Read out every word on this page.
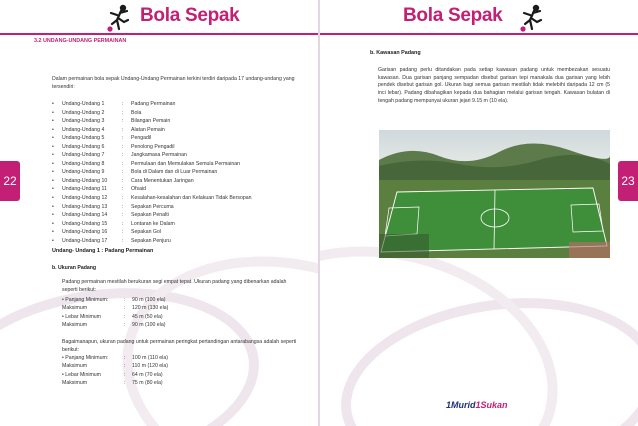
Bola Sepak
22
3.2 UNDANG-UNDANG PERMAINAN
Dalam permainan bola sepak Undang-Undang Permainan terkini terdiri daripada 17 undang-undang yang tersendiri:
• Undang-Undang 1	: Padang Permainan
• Undang-Undang 2	: Bola
• Undang-Undang 3	: Bilangan Pemain
• Undang-Undang 4	: Alatan Pemain
• Undang-Undang 5	: Pengadil
• Undang-Undang 6	: Penolong Pengadil
• Undang-Undang 7	: Jangkamasa Permainan
• Undang-Undang 8	: Permulaan dan Memulakan Semula Permainan
• Undang-Undang 9	: Bola di Dalam dan di Luar Permainan
• Undang-Undang 10	: Cara Menentukan Jaringan
• Undang-Undang 11	: Ofsaid
• Undang-Undang 12	: Kesalahan-kesalahan dan Kelakuan Tidak Bersopan
• Undang-Undang 13	: Sepakan Percuma
• Undang-Undang 14	: Sepakan Penalti
• Undang-Undang 15	: Lontaran ke Dalam
• Undang-Undang 16	: Sepakan Gol
• Undang-Undang 17	: Sepakan Penjuru
Undang- Undang 1 : Padang Permainan
b. Ukuran Padang
Padang permainan mestilah berukuran segi empat tepat. Ukuran padang yang dibenarkan adalah seperti berikut:
• Panjang Minimum:	: 90 m (100 ela)
Maksimum	: 120 m (130 ela)
• Lebar Minimum	: 45 m (50 ela)
Maksimum	: 90 m (100 ela)
Bagaimanapun, ukuran padang untuk permainan peringkat pertandingan antarabangsa adalah seperti berikut:
• Panjang Minimum:	: 100 m (110 ela)
Maksimum	: 110 m (120 ela)
• Lebar Minimum	: 64 m (70 ela)
Maksimum	: 75 m (80 ela)
Bola Sepak
23
b. Kawasan Padang
Garisan padang perlu ditandakan pada setiap kawasan padang untuk membezakan sesuatu kawasan. Dua garisan panjang sempadan disebut garisan tepi manakala dua garisan yang lebih pendek disebut garisan gol. Ukuran bagi semua garisan mestilah tidak melebihi daripada 12 cm (5 inci lebar). Padang dibahagikan kepada dua bahagian melalui garisan tengah. Kawasan bulatan di tengah padang mempunyai ukuran jejari 9.15 m (10 ela).
1Murid1Sukan
